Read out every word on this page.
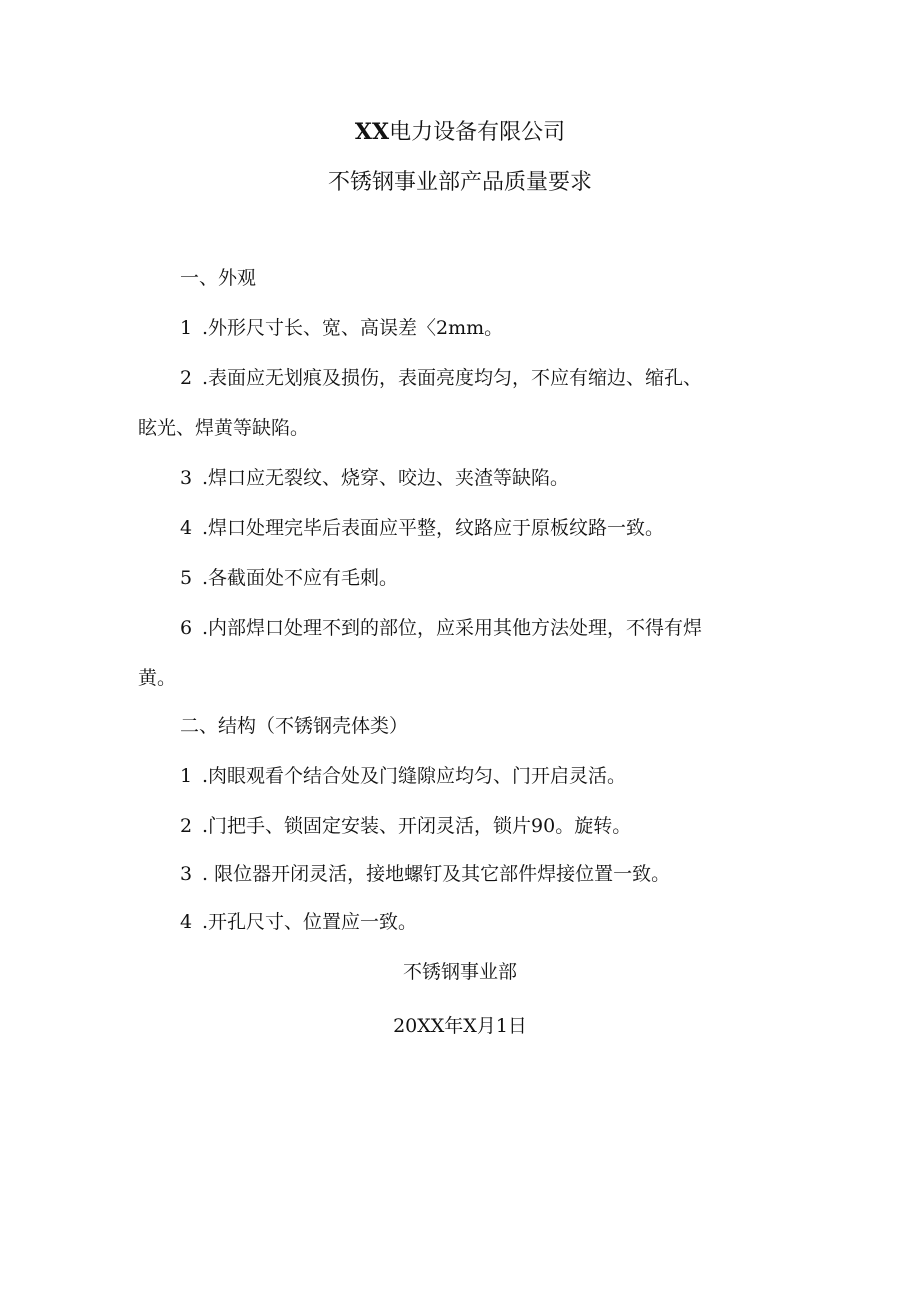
XX电力设备有限公司
不锈钢事业部产品质量要求
一、外观
1 .外形尺寸长、宽、高误差〈2mm。
2 .表面应无划痕及损伤，表面亮度均匀，不应有缩边、缩孔、
眩光、焊黄等缺陷。
3 .焊口应无裂纹、烧穿、咬边、夹渣等缺陷。
4 .焊口处理完毕后表面应平整，纹路应于原板纹路一致。
5 .各截面处不应有毛刺。
6 .内部焊口处理不到的部位，应采用其他方法处理，不得有焊
黄。
二、结构（不锈钢壳体类）
1 .肉眼观看个结合处及门缝隙应均匀、门开启灵活。
2 .门把手、锁固定安装、开闭灵活，锁片90。旋转。
3 . 限位器开闭灵活，接地螺钉及其它部件焊接位置一致。
4 .开孔尺寸、位置应一致。
不锈钢事业部
20XX年X月1日
